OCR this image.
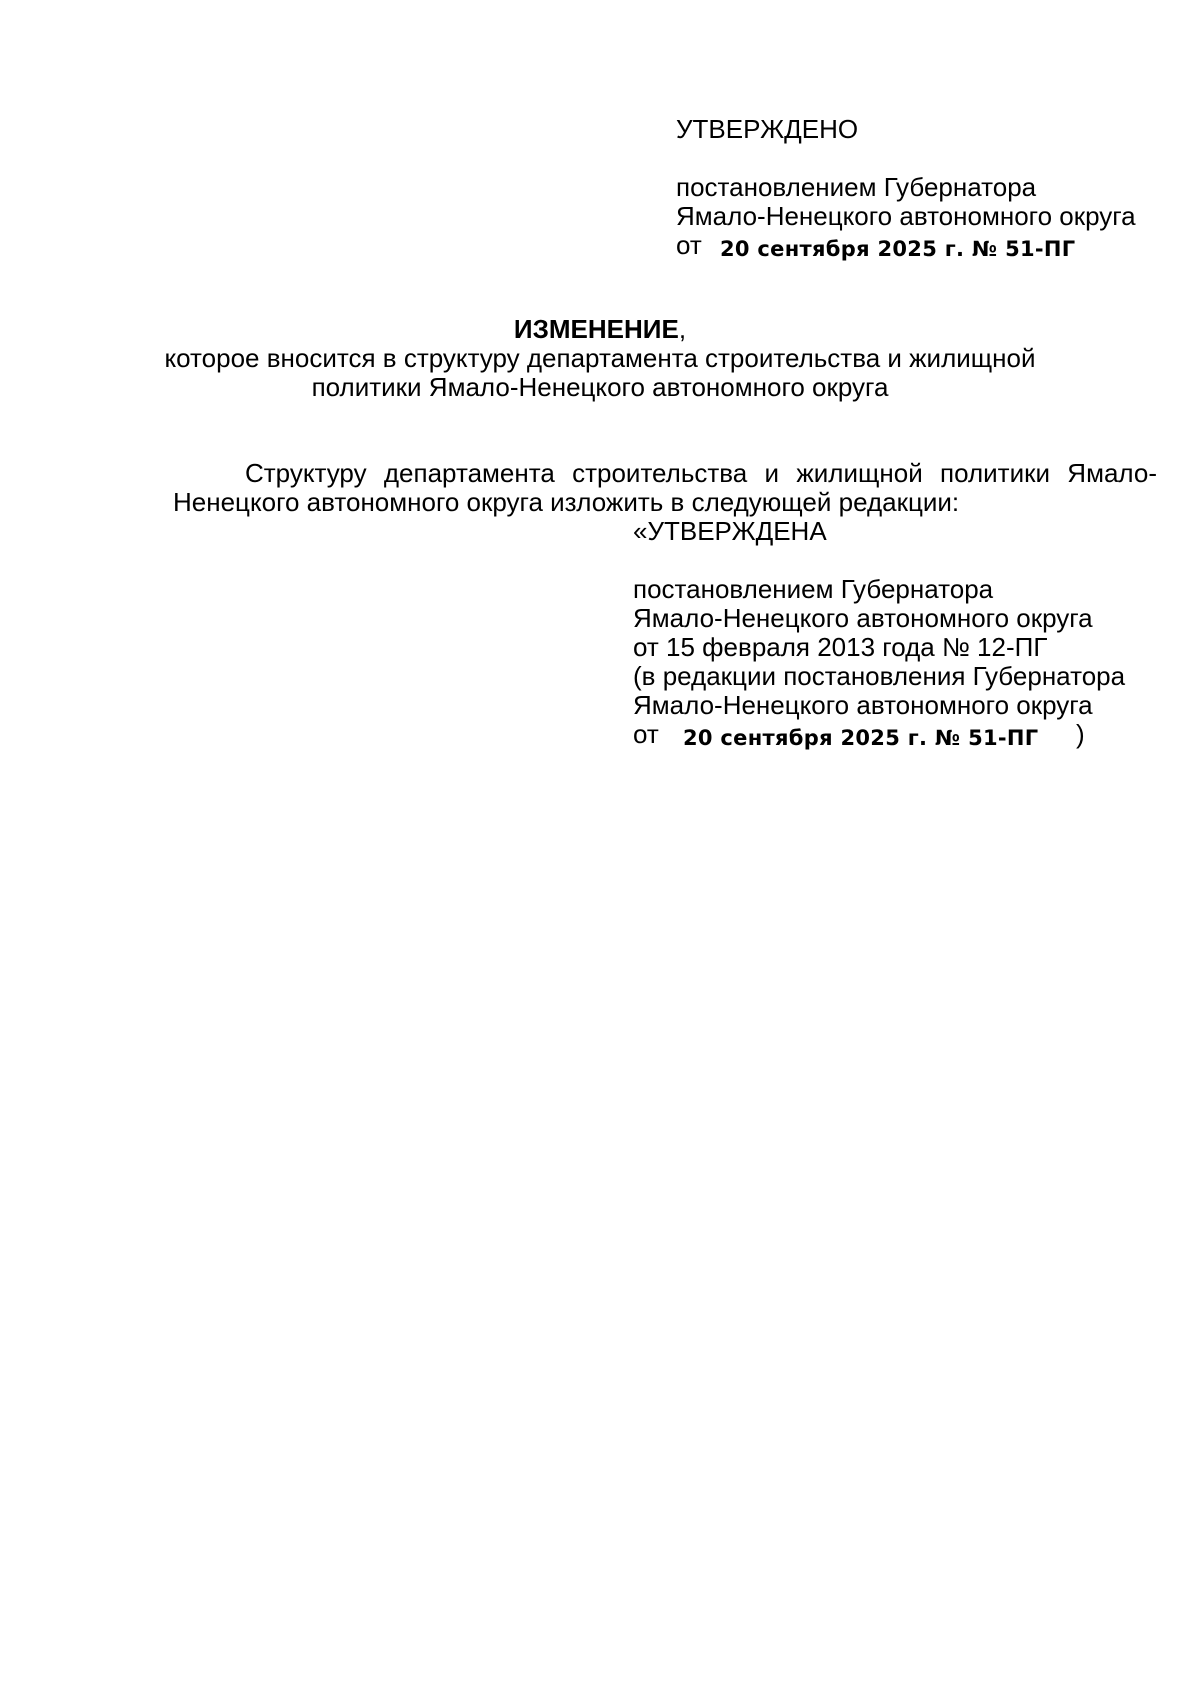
УТВЕРЖДЕНО
постановлением Губернатора
Ямало-Ненецкого автономного округа
от 20 сентября 2025 г. № 51-ПГ
ИЗМЕНЕНИЕ,
которое вносится в структуру департамента строительства и жилищной
политики Ямало-Ненецкого автономного округа
Структуру департамента строительства и жилищной политики Ямало-
Ненецкого автономного округа изложить в следующей редакции:
«УТВЕРЖДЕНА
постановлением Губернатора
Ямало-Ненецкого автономного округа
от 15 февраля 2013 года № 12-ПГ
(в редакции постановления Губернатора
Ямало-Ненецкого автономного округа
от 20 сентября 2025 г. № 51-ПГ )
